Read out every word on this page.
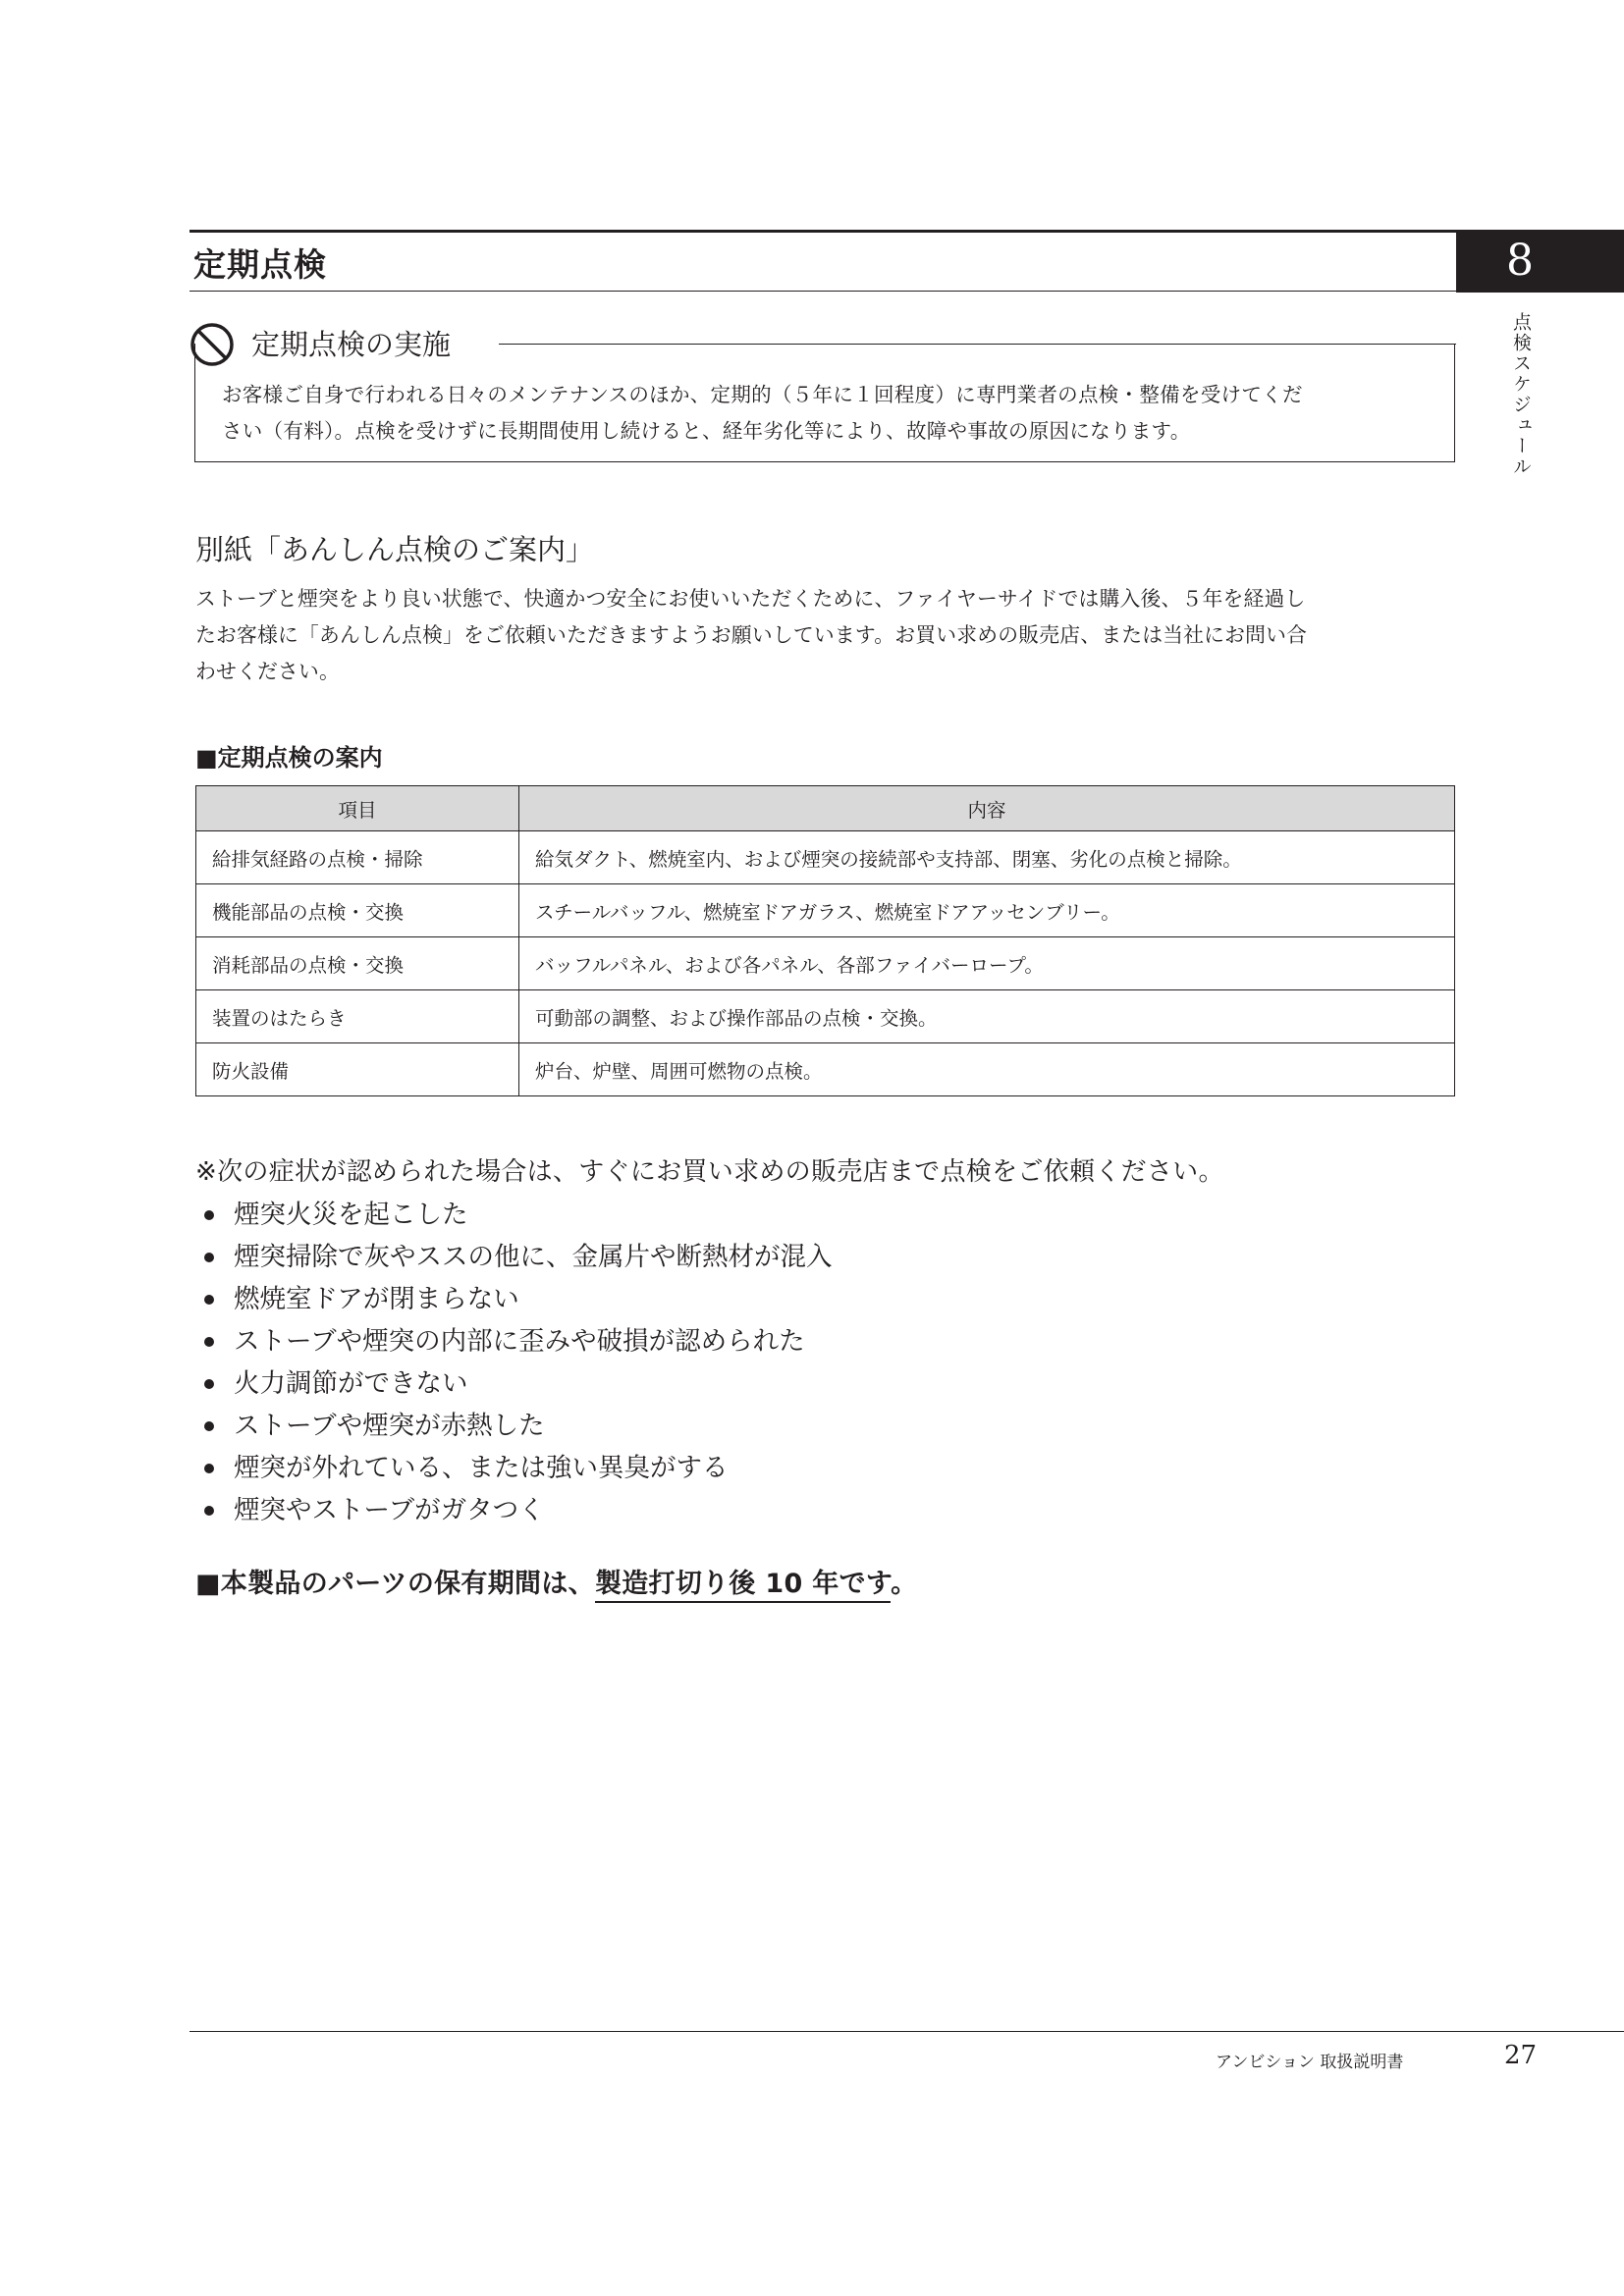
定期点検	8
点検スケジュール
定期点検の実施
お客様ご自身で行われる日々のメンテナンスのほか、定期的（５年に１回程度）に専門業者の点検・整備を受けてくだ
さい（有料）。点検を受けずに長期間使用し続けると、経年劣化等により、故障や事故の原因になります。
別紙「あんしん点検のご案内」
ストーブと煙突をより良い状態で、快適かつ安全にお使いいただくために、ファイヤーサイドでは購入後、５年を経過し
たお客様に「あんしん点検」をご依頼いただきますようお願いしています。お買い求めの販売店、または当社にお問い合
わせください。
■定期点検の案内
項目	内容
給排気経路の点検・掃除	給気ダクト、燃焼室内、および煙突の接続部や支持部、閉塞、劣化の点検と掃除。
機能部品の点検・交換	スチールバッフル、燃焼室ドアガラス、燃焼室ドアアッセンブリー。
消耗部品の点検・交換	バッフルパネル、および各パネル、各部ファイバーロープ。
装置のはたらき	可動部の調整、および操作部品の点検・交換。
防火設備	炉台、炉壁、周囲可燃物の点検。
※次の症状が認められた場合は、すぐにお買い求めの販売店まで点検をご依頼ください。
煙突火災を起こした
煙突掃除で灰やススの他に、金属片や断熱材が混入
燃焼室ドアが閉まらない
ストーブや煙突の内部に歪みや破損が認められた
火力調節ができない
ストーブや煙突が赤熱した
煙突が外れている、または強い異臭がする
煙突やストーブがガタつく
■本製品のパーツの保有期間は、製造打切り後 10 年です。
アンビション 取扱説明書	27
